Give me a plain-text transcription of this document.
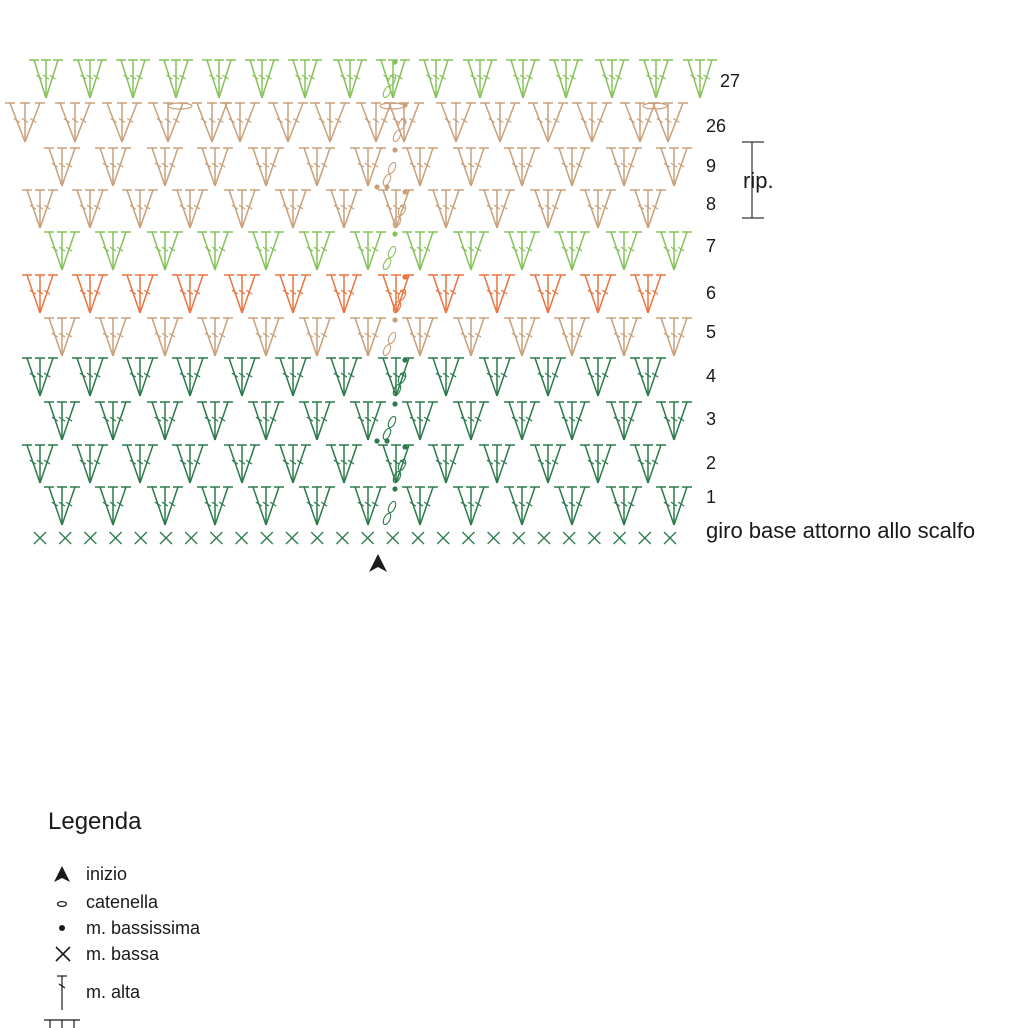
giro base attorno allo scalfo
27
26
9
8
7
6
5
4
3
2
1
rip.
Legenda
inizio
catenella
m. bassissima
m. bassa
m. alta
